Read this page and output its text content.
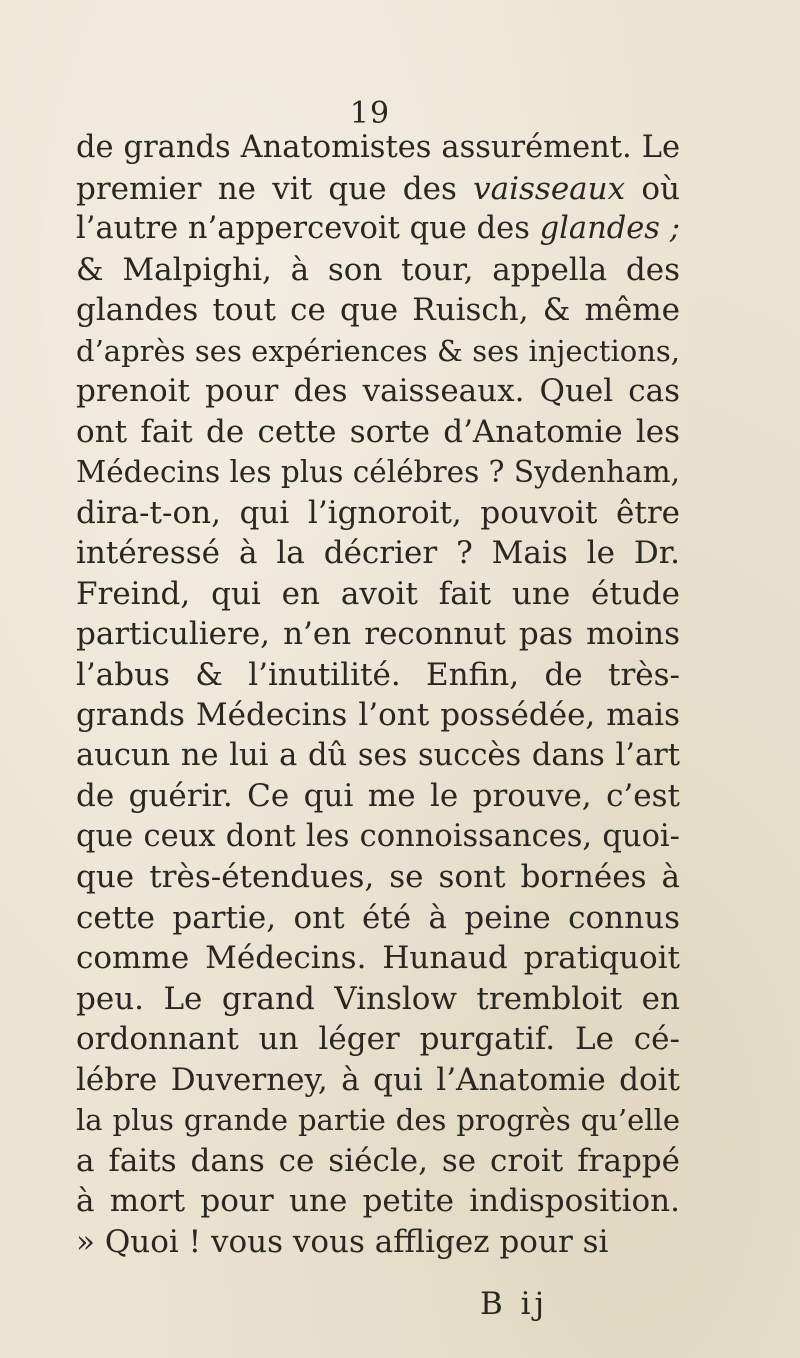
19
de grands Anatomistes assurément. Le
premier ne vit que des vaisseaux où
l’autre n’appercevoit que des glandes ;
& Malpighi, à son tour, appella des
glandes tout ce que Ruisch, & même
d’après ses expériences & ses injections,
prenoit pour des vaisseaux. Quel cas
ont fait de cette sorte d’Anatomie les
Médecins les plus célébres ? Sydenham,
dira-t-on, qui l’ignoroit, pouvoit être
intéressé à la décrier ? Mais le Dr.
Freind, qui en avoit fait une étude
particuliere, n’en reconnut pas moins
l’abus & l’inutilité. Enfin, de très-
grands Médecins l’ont possédée, mais
aucun ne lui a dû ses succès dans l’art
de guérir. Ce qui me le prouve, c’est
que ceux dont les connoissances, quoi-
que très-étendues, se sont bornées à
cette partie, ont été à peine connus
comme Médecins. Hunaud pratiquoit
peu. Le grand Vinslow trembloit en
ordonnant un léger purgatif. Le cé-
lébre Duverney, à qui l’Anatomie doit
la plus grande partie des progrès qu’elle
a faits dans ce siécle, se croit frappé
à mort pour une petite indisposition.
» Quoi ! vous vous affligez pour si
B ij
